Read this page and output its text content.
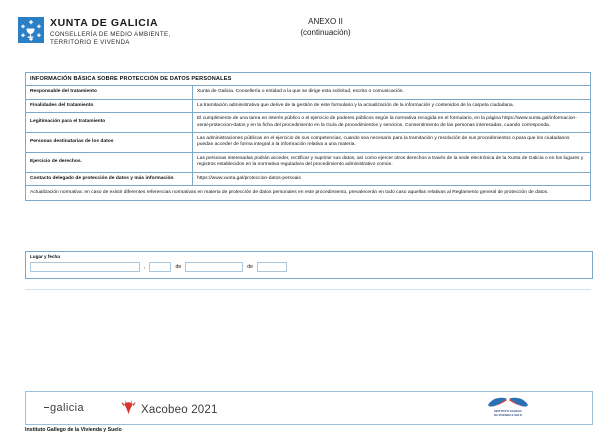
XUNTA DE GALICIA
CONSELLERÍA DE MEDIO AMBIENTE,
TERRITORIO E VIVENDA
ANEXO II
(continuación)
INFORMACIÓN BÁSICA SOBRE PROTECCIÓN DE DATOS PERSONALES	
Responsable del tratamiento	Xunta de Galicia. Consellería o entidad a la que se dirige esta solicitud, escrito o comunicación.
Finalidades del tratamiento	La tramitación administrativa que derive de la gestión de este formulario y la actualización de la información y contenidos de la carpeta ciudadana.
Legitimación para el tratamiento	El cumplimiento de una tarea en interés público o el ejercicio de poderes públicos según la normativa recogida en el formulario, en la página https://www.xunta.gal/informacion-xeral-proteccion-datos y en la ficha del procedimiento en la Guía de procedimientos y servicios. Consentimiento de las personas interesadas, cuando corresponda.
Personas destinatarias de los datos	Las administraciones públicas en el ejercicio de sus competencias, cuando sea necesario para la tramitación y resolución de sus procedimientos o para que los ciudadanos puedan acceder de forma integral a la información relativa a una materia.
Ejercicio de derechos.	Las personas interesadas podrán acceder, rectificar y suprimir sus datos, así como ejercer otros derechos a través de la sede electrónica de la Xunta de Galicia o en los lugares y registros establecidos en la normativa reguladora del procedimiento administrativo común.
Contacto delegado de protección de datos y más información	https://www.xunta.gal/proteccion-datos-persoais
Actualización normativa: en caso de existir diferentes referencias normativas en materia de protección de datos personales en este procedimiento, prevalecerán en todo caso aquellas relativas al Reglamento general de protección de datos.	
Lugar y fecha
,	de	de
galicia	Xacobeo 2021	INSTITUTO GALEGO
DA VIVENDA E SOLO
Instituto Gallego de la Vivienda y Suelo
